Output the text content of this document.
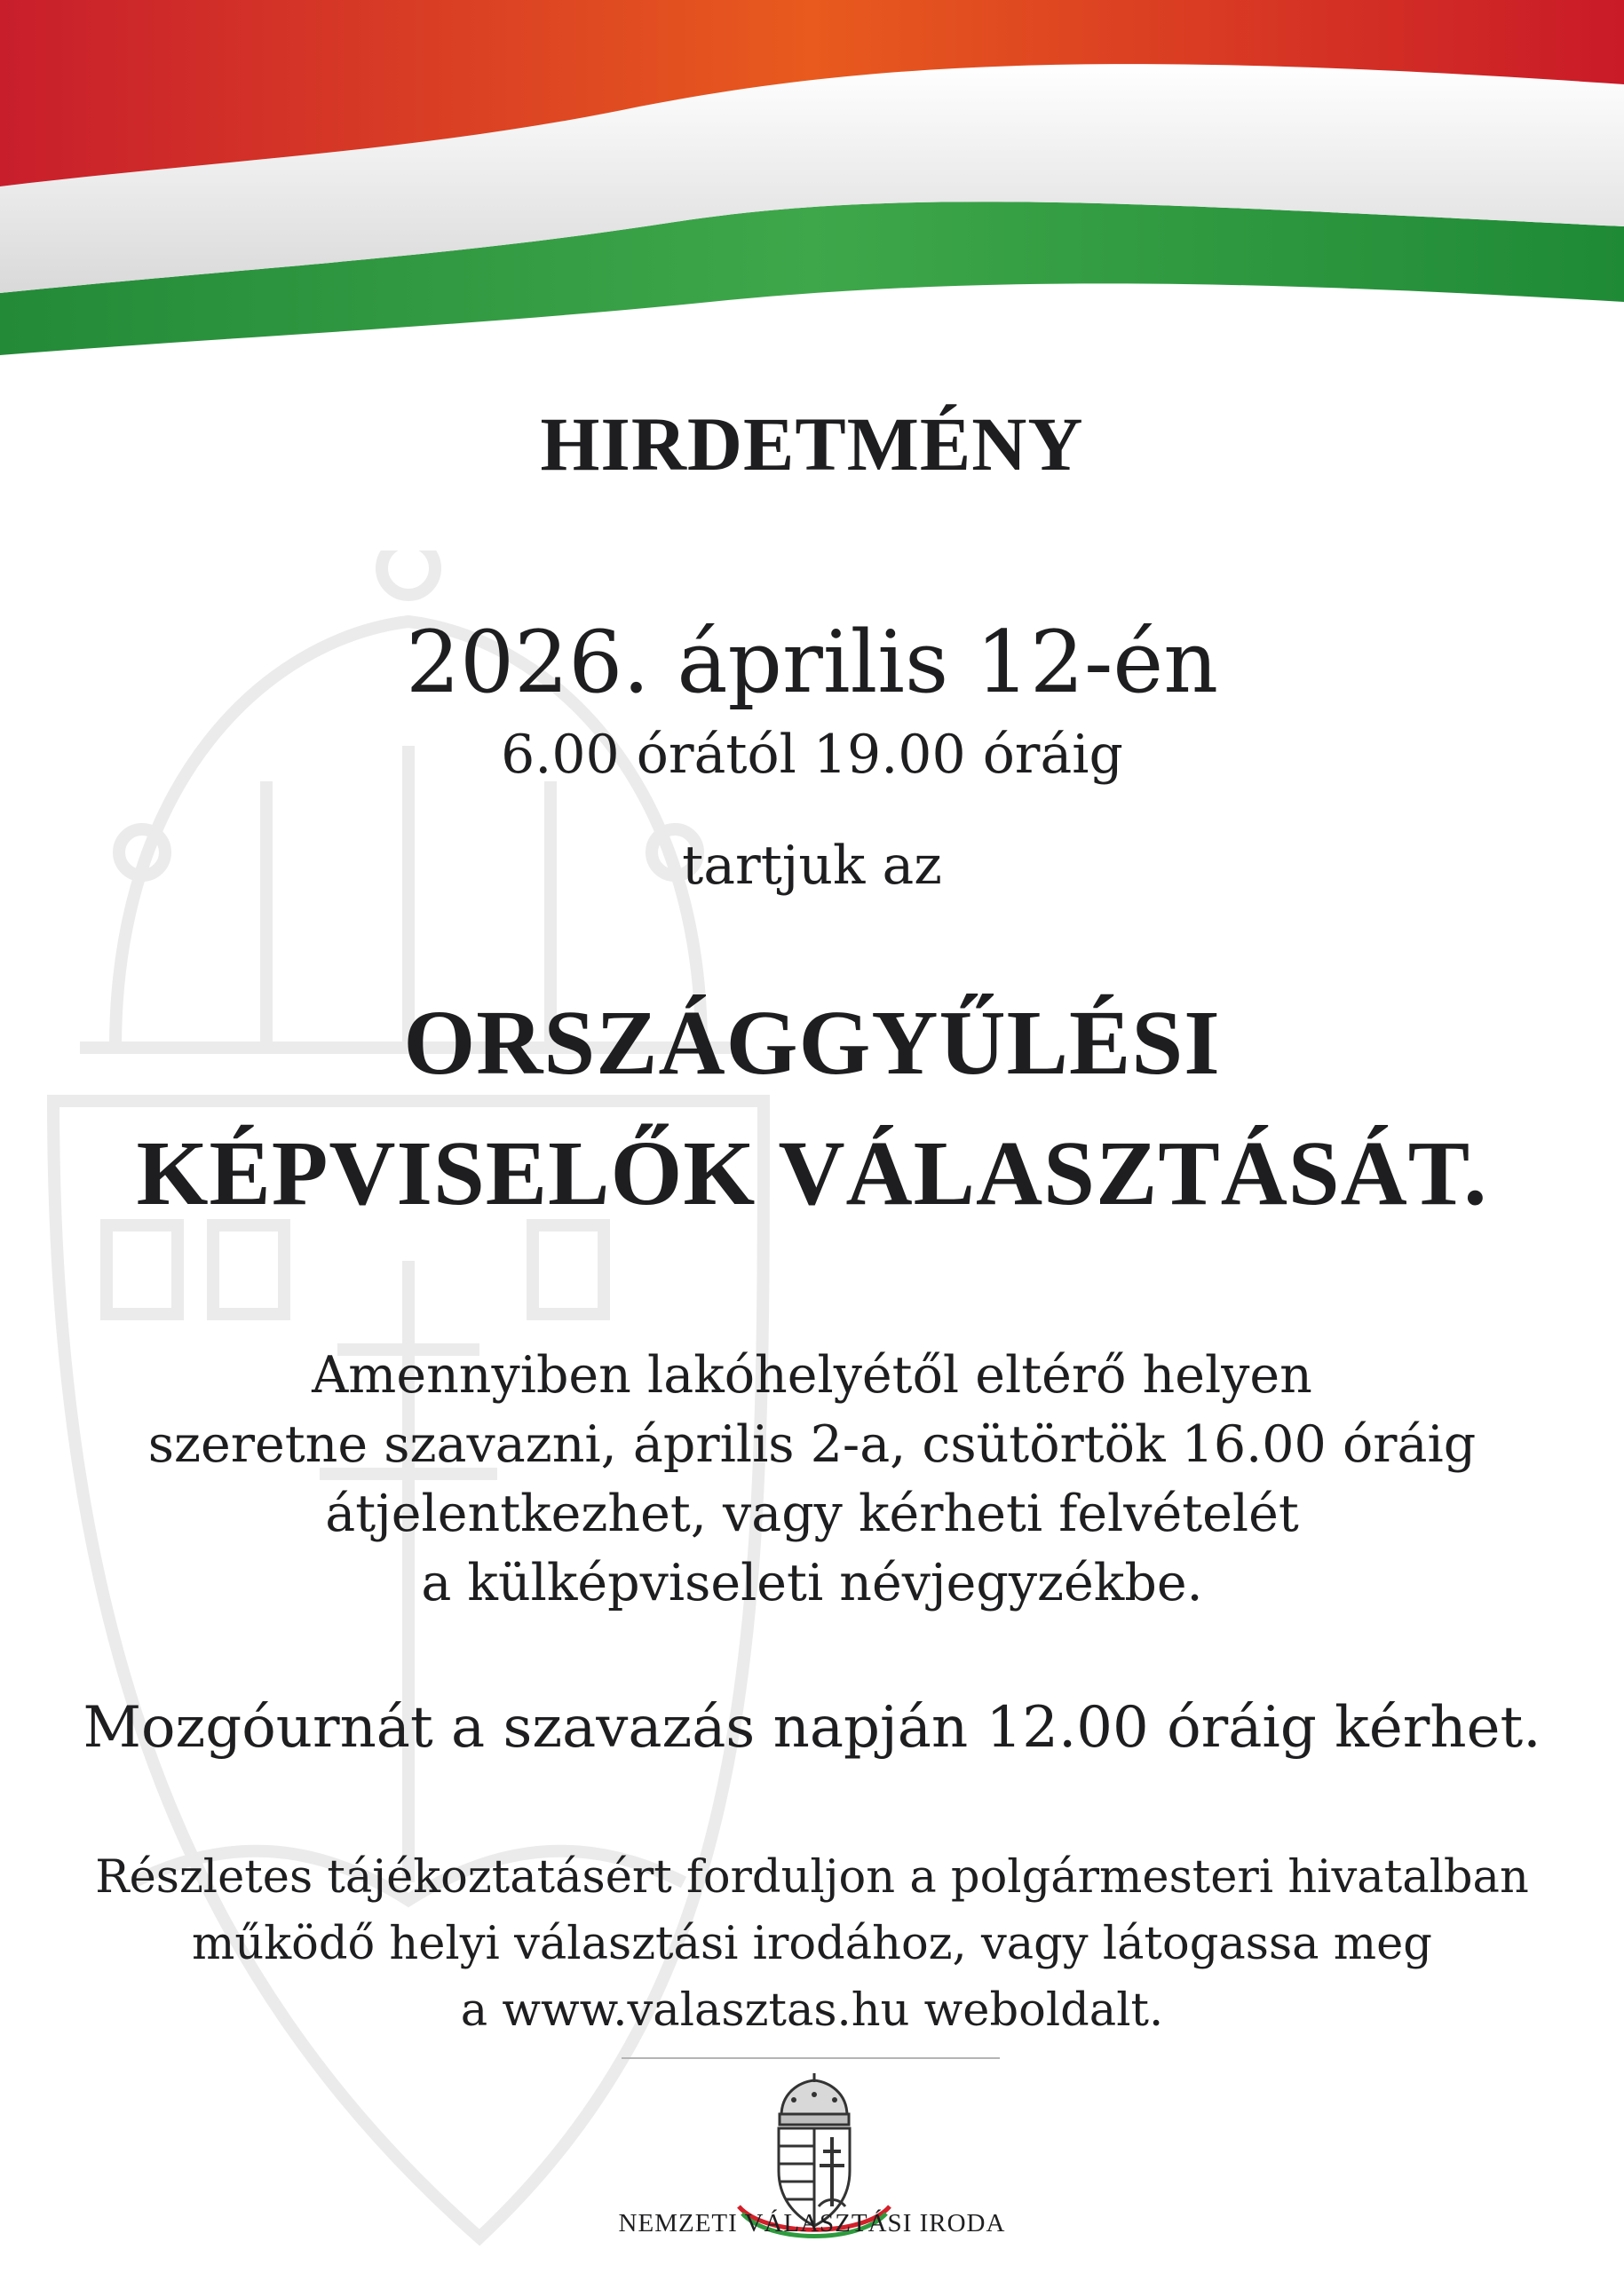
HIRDETMÉNY
2026. április 12-én
6.00 órától 19.00 óráig
tartjuk az
ORSZÁGGYŰLÉSI
KÉPVISELŐK VÁLASZTÁSÁT.
Amennyiben lakóhelyétől eltérő helyen
szeretne szavazni, április 2-a, csütörtök 16.00 óráig
átjelentkezhet, vagy kérheti felvételét
a külképviseleti névjegyzékbe.
Mozgóurnát a szavazás napján 12.00 óráig kérhet.
Részletes tájékoztatásért forduljon a polgármesteri hivatalban
működő helyi választási irodához, vagy látogassa meg
a www.valasztas.hu weboldalt.
NEMZETI VÁLASZTÁSI IRODA
